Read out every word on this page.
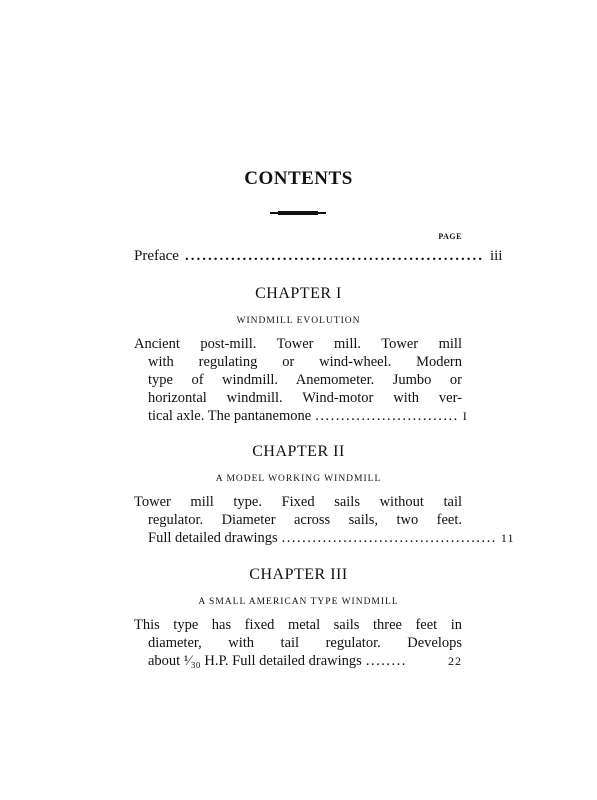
CONTENTS
PAGE
Preface .................................................... iii
CHAPTER I
WINDMILL EVOLUTION
Ancient post-mill. Tower mill. Tower mill
with regulating or wind-wheel. Modern
type of windmill. Anemometer. Jumbo or
horizontal windmill. Wind-motor with ver-
tical axle. The pantanemone ............................ I
CHAPTER II
A MODEL WORKING WINDMILL
Tower mill type. Fixed sails without tail
regulator. Diameter across sails, two feet.
Full detailed drawings .......................................... 11
CHAPTER III
A SMALL AMERICAN TYPE WINDMILL
This type has fixed metal sails three feet in
diameter, with tail regulator. Develops
about ¹⁄₃₀ H.P. Full detailed drawings ........	22
